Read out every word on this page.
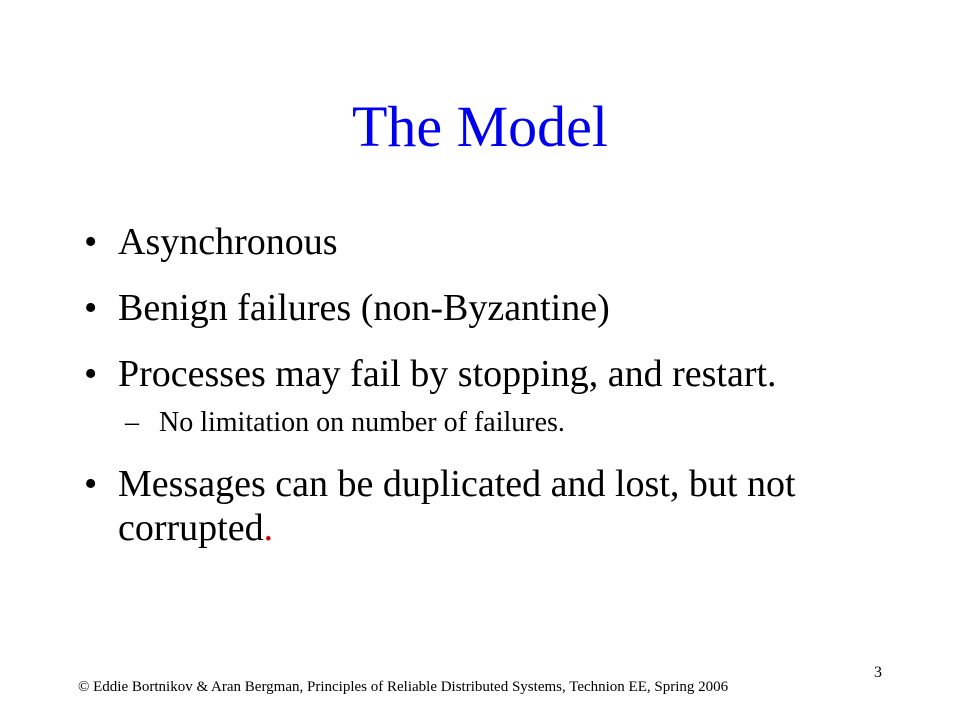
The Model
• Asynchronous
• Benign failures (non-Byzantine)
• Processes may fail by stopping, and restart.
– No limitation on number of failures.
• Messages can be duplicated and lost, but not corrupted.
© Eddie Bortnikov & Aran Bergman, Principles of Reliable Distributed Systems, Technion EE, Spring 2006
3
